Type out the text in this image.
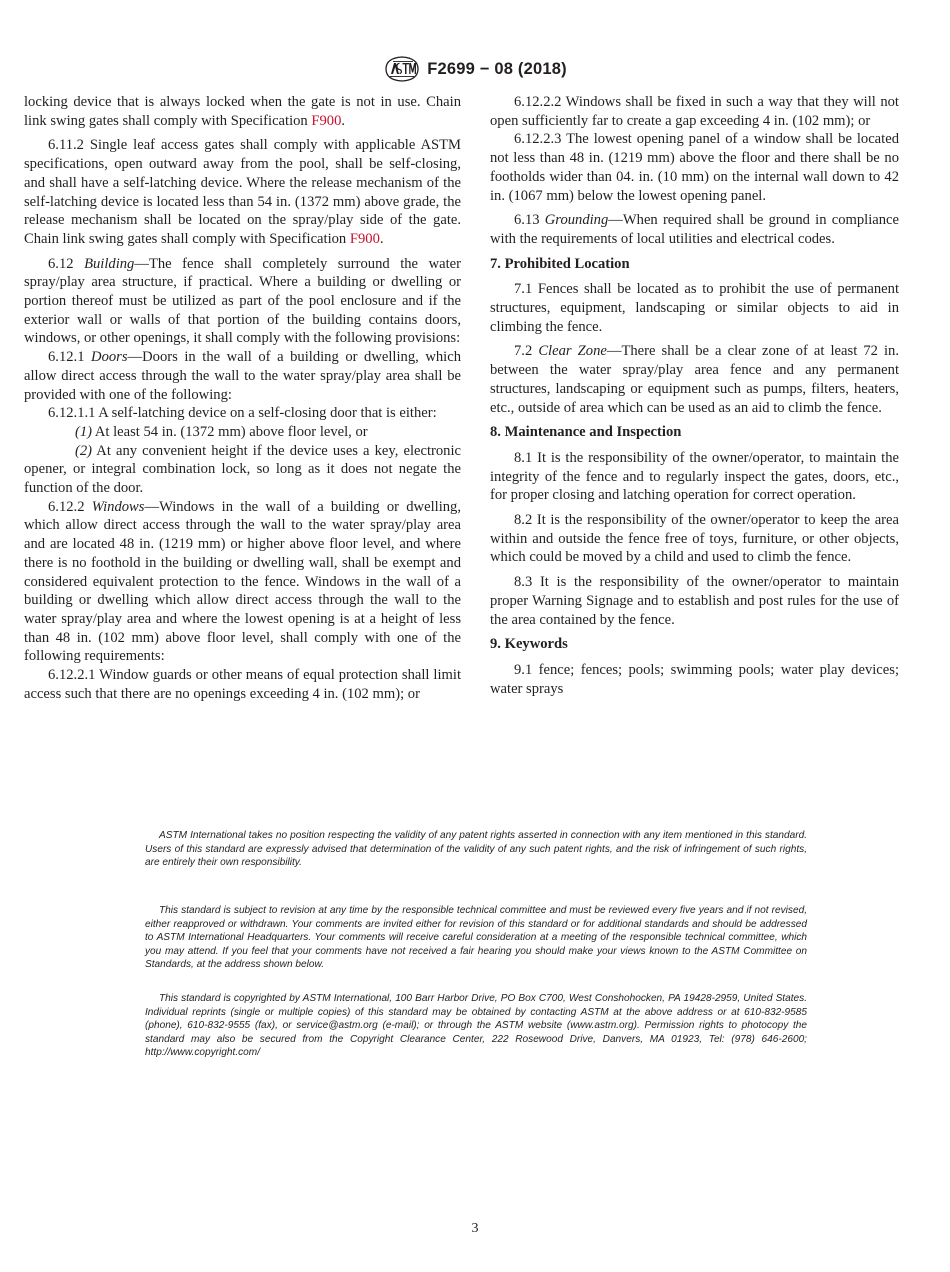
F2699 − 08 (2018)

locking device that is always locked when the gate is not in use. Chain link swing gates shall comply with Specification F900.

6.11.2 Single leaf access gates shall comply with applicable ASTM specifications, open outward away from the pool, shall be self-closing, and shall have a self-latching device. Where the release mechanism of the self-latching device is located less than 54 in. (1372 mm) above grade, the release mechanism shall be located on the spray/play side of the gate. Chain link swing gates shall comply with Specification F900.

6.12 Building—The fence shall completely surround the water spray/play area structure, if practical. Where a building or dwelling or portion thereof must be utilized as part of the pool enclosure and if the exterior wall or walls of that portion of the building contains doors, windows, or other openings, it shall comply with the following provisions:

6.12.1 Doors—Doors in the wall of a building or dwelling, which allow direct access through the wall to the water spray/play area shall be provided with one of the following:

6.12.1.1 A self-latching device on a self-closing door that is either:

(1) At least 54 in. (1372 mm) above floor level, or

(2) At any convenient height if the device uses a key, electronic opener, or integral combination lock, so long as it does not negate the function of the door.

6.12.2 Windows—Windows in the wall of a building or dwelling, which allow direct access through the wall to the water spray/play area and are located 48 in. (1219 mm) or higher above floor level, and where there is no foothold in the building or dwelling wall, shall be exempt and considered equivalent protection to the fence. Windows in the wall of a building or dwelling which allow direct access through the wall to the water spray/play area and where the lowest opening is at a height of less than 48 in. (102 mm) above floor level, shall comply with one of the following requirements:

6.12.2.1 Window guards or other means of equal protection shall limit access such that there are no openings exceeding 4 in. (102 mm); or

6.12.2.2 Windows shall be fixed in such a way that they will not open sufficiently far to create a gap exceeding 4 in. (102 mm); or

6.12.2.3 The lowest opening panel of a window shall be located not less than 48 in. (1219 mm) above the floor and there shall be no footholds wider than 04. in. (10 mm) on the internal wall down to 42 in. (1067 mm) below the lowest opening panel.

6.13 Grounding—When required shall be ground in compliance with the requirements of local utilities and electrical codes.

7. Prohibited Location

7.1 Fences shall be located as to prohibit the use of permanent structures, equipment, landscaping or similar objects to aid in climbing the fence.

7.2 Clear Zone—There shall be a clear zone of at least 72 in. between the water spray/play area fence and any permanent structures, landscaping or equipment such as pumps, filters, heaters, etc., outside of area which can be used as an aid to climb the fence.

8. Maintenance and Inspection

8.1 It is the responsibility of the owner/operator, to maintain the integrity of the fence and to regularly inspect the gates, doors, etc., for proper closing and latching operation for correct operation.

8.2 It is the responsibility of the owner/operator to keep the area within and outside the fence free of toys, furniture, or other objects, which could be moved by a child and used to climb the fence.

8.3 It is the responsibility of the owner/operator to maintain proper Warning Signage and to establish and post rules for the use of the area contained by the fence.

9. Keywords

9.1 fence; fences; pools; swimming pools; water play devices; water sprays

ASTM International takes no position respecting the validity of any patent rights asserted in connection with any item mentioned in this standard. Users of this standard are expressly advised that determination of the validity of any such patent rights, and the risk of infringement of such rights, are entirely their own responsibility.

This standard is subject to revision at any time by the responsible technical committee and must be reviewed every five years and if not revised, either reapproved or withdrawn. Your comments are invited either for revision of this standard or for additional standards and should be addressed to ASTM International Headquarters. Your comments will receive careful consideration at a meeting of the responsible technical committee, which you may attend. If you feel that your comments have not received a fair hearing you should make your views known to the ASTM Committee on Standards, at the address shown below.

This standard is copyrighted by ASTM International, 100 Barr Harbor Drive, PO Box C700, West Conshohocken, PA 19428-2959, United States. Individual reprints (single or multiple copies) of this standard may be obtained by contacting ASTM at the above address or at 610-832-9585 (phone), 610-832-9555 (fax), or service@astm.org (e-mail); or through the ASTM website (www.astm.org). Permission rights to photocopy the standard may also be secured from the Copyright Clearance Center, 222 Rosewood Drive, Danvers, MA 01923, Tel: (978) 646-2600; http://www.copyright.com/

3
